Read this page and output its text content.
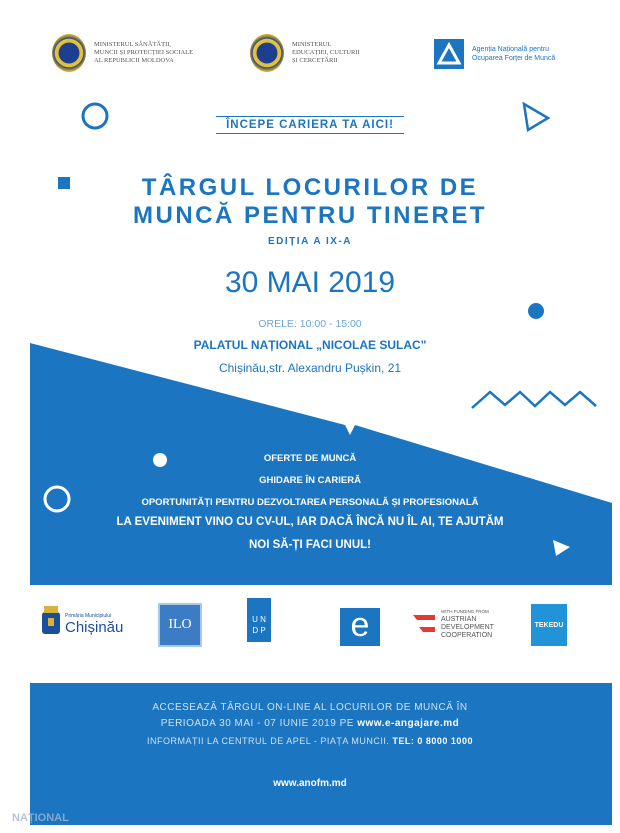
MINISTERUL SĂNĂTĂȚII,
MUNCII ȘI PROTECȚIEI SOCIALE
AL REPUBLICII MOLDOVA
MINISTERUL
EDUCAȚIEI, CULTURII
ȘI CERCETĂRII
Agenția Națională pentru
Ocuparea Forței de Muncă
ÎNCEPE CARIERA TA AICI!
TÂRGUL LOCURILOR DE
MUNCĂ PENTRU TINERET
EDIȚIA A IX-A
30 MAI 2019
ORELE: 10:00 - 15:00
PALATUL NAȚIONAL „NICOLAE SULAC"
Chișinău,str. Alexandru Pușkin, 21
OFERTE DE MUNCĂ
GHIDARE ÎN CARIERĂ
OPORTUNITĂȚI PENTRU DEZVOLTAREA PERSONALĂ ȘI PROFESIONALĂ
LA EVENIMENT VINO CU CV-UL, IAR DACĂ ÎNCĂ NU ÎL AI, TE AJUTĂM
NOI SĂ-ȚI FACI UNUL!
Primăria Municipiului
Chișinău	ILO	U N
D P	e	WITH FUNDING FROM
AUSTRIAN
DEVELOPMENT
COOPERATION
TEKEDU
ACCESEAZĂ TÂRGUL ON-LINE AL LOCURILOR DE MUNCĂ ÎN
PERIOADA 30 MAI - 07 IUNIE 2019 PE www.e-angajare.md
INFORMAȚII LA CENTRUL DE APEL - PIAȚA MUNCII. TEL: 0 8000 1000
www.anofm.md
NAȚIONAL
